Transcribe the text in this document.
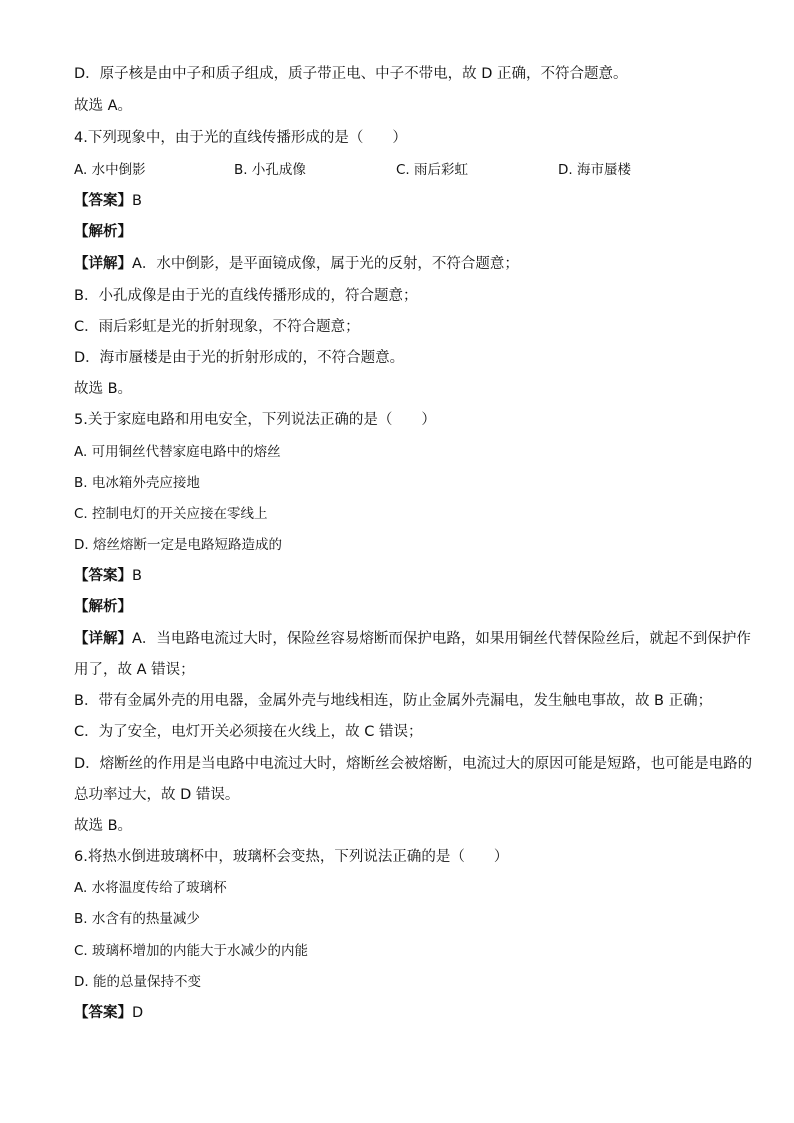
D．原子核是由中子和质子组成，质子带正电、中子不带电，故 D 正确，不符合题意。
故选 A。
4.下列现象中，由于光的直线传播形成的是（　　）
A. 水中倒影	B. 小孔成像	C. 雨后彩虹	D. 海市蜃楼
【答案】B
【解析】
【详解】A．水中倒影，是平面镜成像，属于光的反射，不符合题意；
B．小孔成像是由于光的直线传播形成的，符合题意；
C．雨后彩虹是光的折射现象，不符合题意；
D．海市蜃楼是由于光的折射形成的，不符合题意。
故选 B。
5.关于家庭电路和用电安全，下列说法正确的是（　　）
A. 可用铜丝代替家庭电路中的熔丝
B. 电冰箱外壳应接地
C. 控制电灯的开关应接在零线上
D. 熔丝熔断一定是电路短路造成的
【答案】B
【解析】
【详解】A．当电路电流过大时，保险丝容易熔断而保护电路，如果用铜丝代替保险丝后，就起不到保护作
用了，故 A 错误；
B．带有金属外壳的用电器，金属外壳与地线相连，防止金属外壳漏电，发生触电事故，故 B 正确；
C．为了安全，电灯开关必须接在火线上，故 C 错误；
D．熔断丝的作用是当电路中电流过大时，熔断丝会被熔断，电流过大的原因可能是短路，也可能是电路的
总功率过大，故 D 错误。
故选 B。
6.将热水倒进玻璃杯中，玻璃杯会变热，下列说法正确的是（　　）
A. 水将温度传给了玻璃杯
B. 水含有的热量减少
C. 玻璃杯增加的内能大于水减少的内能
D. 能的总量保持不变
【答案】D
